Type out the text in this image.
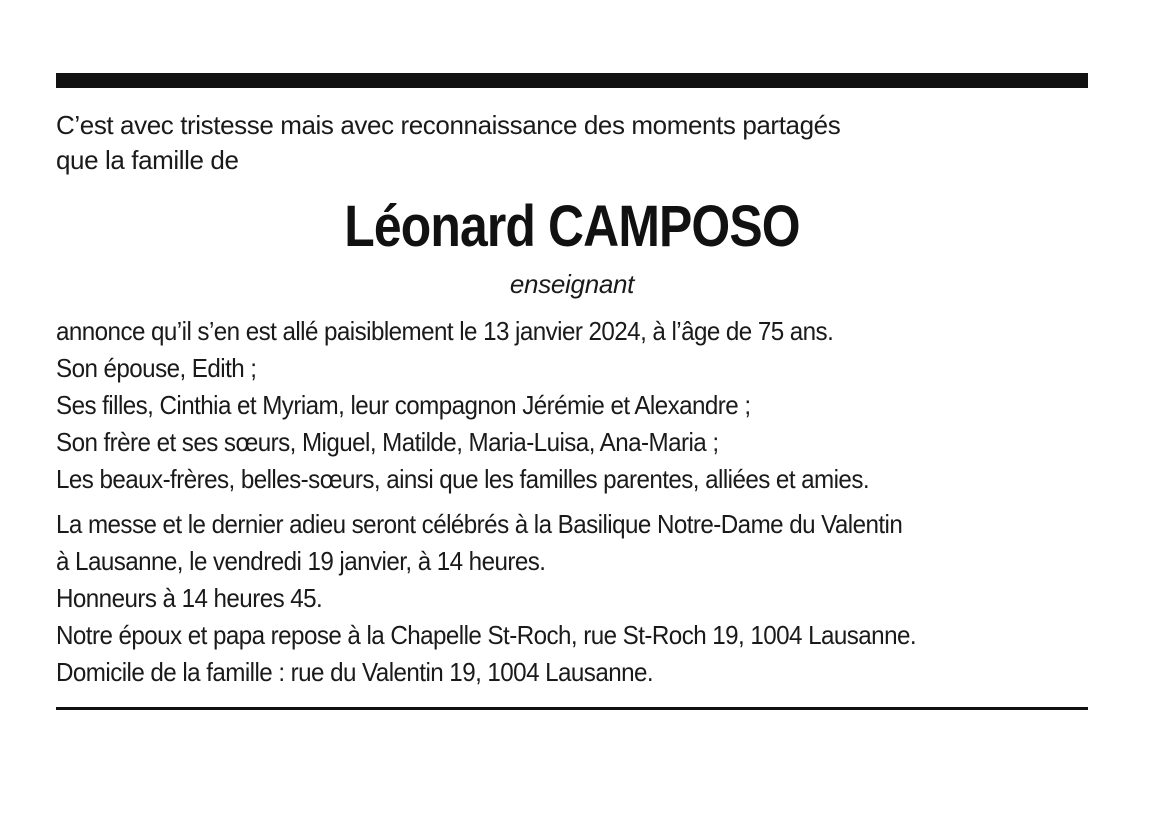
C’est avec tristesse mais avec reconnaissance des moments partagés
que la famille de
Léonard CAMPOSO
enseignant
annonce qu’il s’en est allé paisiblement le 13 janvier 2024, à l’âge de 75 ans.
Son épouse, Edith ;
Ses filles, Cinthia et Myriam, leur compagnon Jérémie et Alexandre ;
Son frère et ses sœurs, Miguel, Matilde, Maria-Luisa, Ana-Maria ;
Les beaux-frères, belles-sœurs, ainsi que les familles parentes, alliées et amies.
La messe et le dernier adieu seront célébrés à la Basilique Notre-Dame du Valentin
à Lausanne, le vendredi 19 janvier, à 14 heures.
Honneurs à 14 heures 45.
Notre époux et papa repose à la Chapelle St-Roch, rue St-Roch 19, 1004 Lausanne.
Domicile de la famille : rue du Valentin 19, 1004 Lausanne.
